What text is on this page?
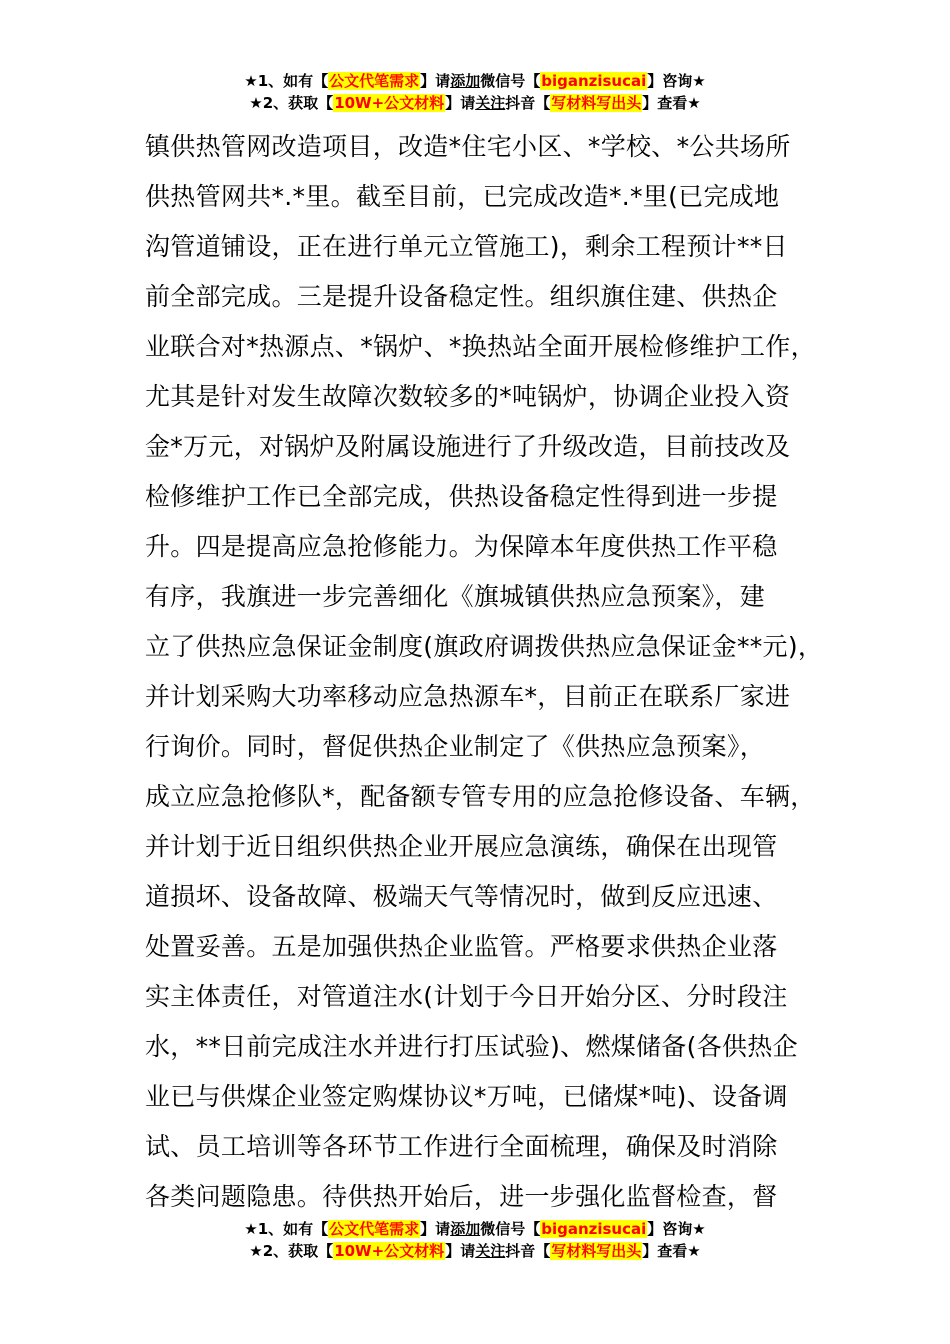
★1、如有【公文代笔需求】请添加微信号【biganzisucai】咨询★
★2、获取【10W+公文材料】请关注抖音【写材料写出头】查看★
镇供热管网改造项目，改造*住宅小区、*学校、*公共场所
供热管网共*.*里。截至目前，已完成改造*.*里(已完成地
沟管道铺设，正在进行单元立管施工)，剩余工程预计**日
前全部完成。三是提升设备稳定性。组织旗住建、供热企
业联合对*热源点、*锅炉、*换热站全面开展检修维护工作，
尤其是针对发生故障次数较多的*吨锅炉，协调企业投入资
金*万元，对锅炉及附属设施进行了升级改造，目前技改及
检修维护工作已全部完成，供热设备稳定性得到进一步提
升。四是提高应急抢修能力。为保障本年度供热工作平稳
有序，我旗进一步完善细化《旗城镇供热应急预案》，建
立了供热应急保证金制度(旗政府调拨供热应急保证金**元)，
并计划采购大功率移动应急热源车*，目前正在联系厂家进
行询价。同时，督促供热企业制定了《供热应急预案》，
成立应急抢修队*，配备额专管专用的应急抢修设备、车辆，
并计划于近日组织供热企业开展应急演练，确保在出现管
道损坏、设备故障、极端天气等情况时，做到反应迅速、
处置妥善。五是加强供热企业监管。严格要求供热企业落
实主体责任，对管道注水(计划于今日开始分区、分时段注
水，**日前完成注水并进行打压试验)、燃煤储备(各供热企
业已与供煤企业签定购煤协议*万吨，已储煤*吨)、设备调
试、员工培训等各环节工作进行全面梳理，确保及时消除
各类问题隐患。待供热开始后，进一步强化监督检查，督
★1、如有【公文代笔需求】请添加微信号【biganzisucai】咨询★
★2、获取【10W+公文材料】请关注抖音【写材料写出头】查看★
